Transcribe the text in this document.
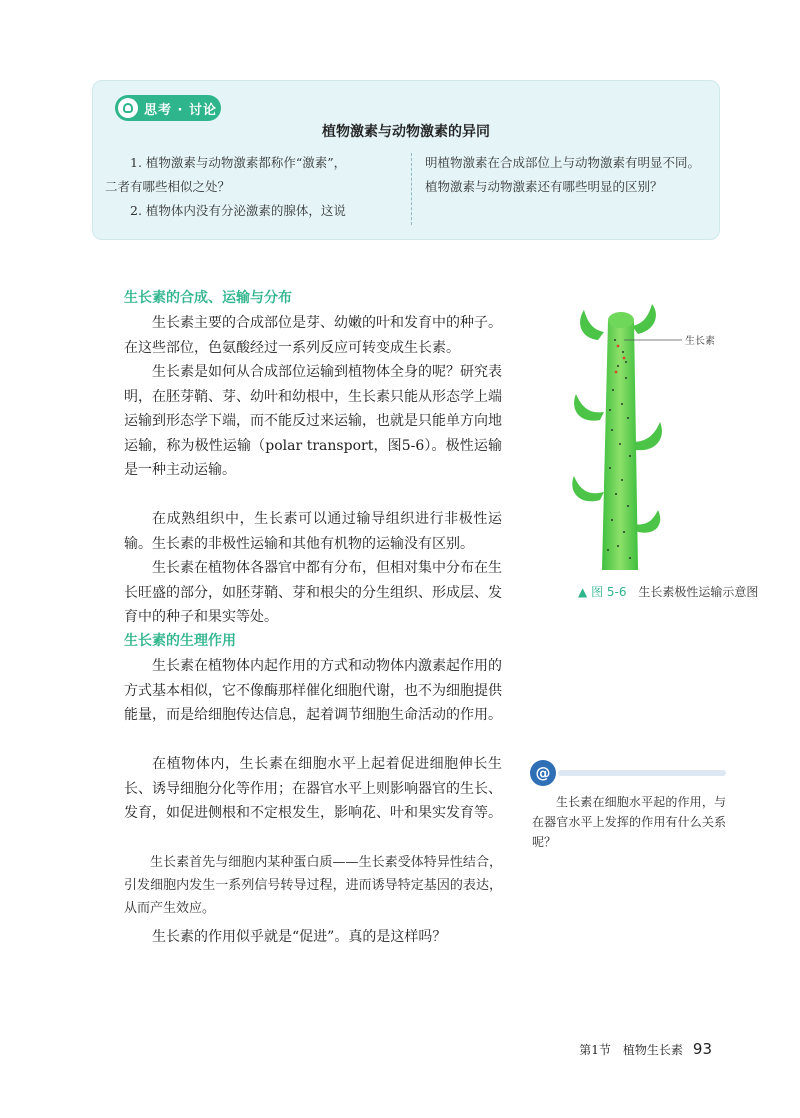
思考 · 讨论
植物激素与动物激素的异同

1. 植物激素与动物激素都称作“激素”，

二者有哪些相似之处？

2. 植物体内没有分泌激素的腺体，这说

明植物激素在合成部位上与动物激素有明显不同。植物激素与动物激素还有哪些明显的区别？

生长素的合成、运输与分布

生长素主要的合成部位是芽、幼嫩的叶和发育中的种子。在这些部位，色氨酸经过一系列反应可转变成生长素。

生长素是如何从合成部位运输到植物体全身的呢？研究表明，在胚芽鞘、芽、幼叶和幼根中，生长素只能从形态学上端运输到形态学下端，而不能反过来运输，也就是只能单方向地运输，称为极性运输（polar transport，图5-6）。极性运输是一种主动运输。

在成熟组织中，生长素可以通过输导组织进行非极性运输。生长素的非极性运输和其他有机物的运输没有区别。

生长素在植物体各器官中都有分布，但相对集中分布在生长旺盛的部分，如胚芽鞘、芽和根尖的分生组织、形成层、发育中的种子和果实等处。

生长素
▲ 图 5-6 生长素极性运输示意图
生长素的生理作用

生长素在植物体内起作用的方式和动物体内激素起作用的方式基本相似，它不像酶那样催化细胞代谢，也不为细胞提供能量，而是给细胞传达信息，起着调节细胞生命活动的作用。

在植物体内，生长素在细胞水平上起着促进细胞伸长生长、诱导细胞分化等作用；在器官水平上则影响器官的生长、发育，如促进侧根和不定根发生，影响花、叶和果实发育等。

生长素首先与细胞内某种蛋白质——生长素受体特异性结合，引发细胞内发生一系列信号转导过程，进而诱导特定基因的表达，从而产生效应。

生长素的作用似乎就是“促进”。真的是这样吗？

@

生长素在细胞水平起的作用，与在器官水平上发挥的作用有什么关系呢？

第1节　植物生长素 93
